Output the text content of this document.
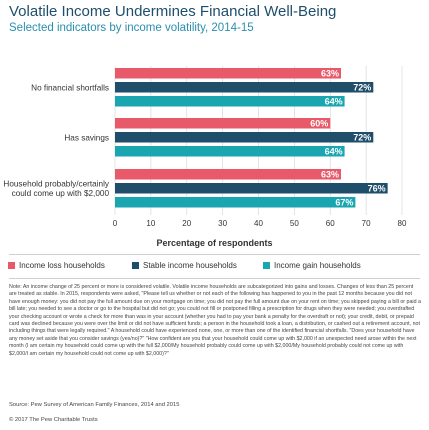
Volatile Income Undermines Financial Well-Being
Selected indicators by income volatility, 2014-15
63%
72%
64%
60%
72%
64%
63%
76%
67%
No financial shortfalls
Has savings
Household probably/certainly could come up with $2,000
0	10	20	30	40	50	60	70	80
Percentage of respondents
Income loss households	Stable income households	Income gain households
Note: An income change of 25 percent or more is considered volatile. Volatile income households are subcategorized into gains and losses. Changes of less than 25 percent are treated as stable. In 2015, respondents were asked, "Please tell us whether or not each of the following has happened to you in the past 12 months because you did not have enough money: you did not pay the full amount due on your mortgage on time; you did not pay the full amount due on your rent on time; you skipped paying a bill or paid a bill late; you needed to see a doctor or go to the hospital but did not go; you could not fill or postponed filling a prescription for drugs when they were needed; you overdrafted your checking account or wrote a check for more than was in your account (whether you had to pay your bank a penalty for the overdraft or not); your credit, debit, or prepaid card was declined because you were over the limit or did not have sufficient funds; a person in the household took a loan, a distribution, or cashed out a retirement account, not including things that were legally required." A household could have experienced none, one, or more than one of the identified financial shortfalls. "Does your household have any money set aside that you consider savings (yes/no)?" "How confident are you that your household could come up with $2,000 if an unexpected need arose within the next month (I am certain my household could come up with the full $2,000/My household probably could come up with $2,000/My household probably could not come up with $2,000/I am certain my household could not come up with $2,000)?"
Source: Pew Survey of American Family Finances, 2014 and 2015
© 2017 The Pew Charitable Trusts
